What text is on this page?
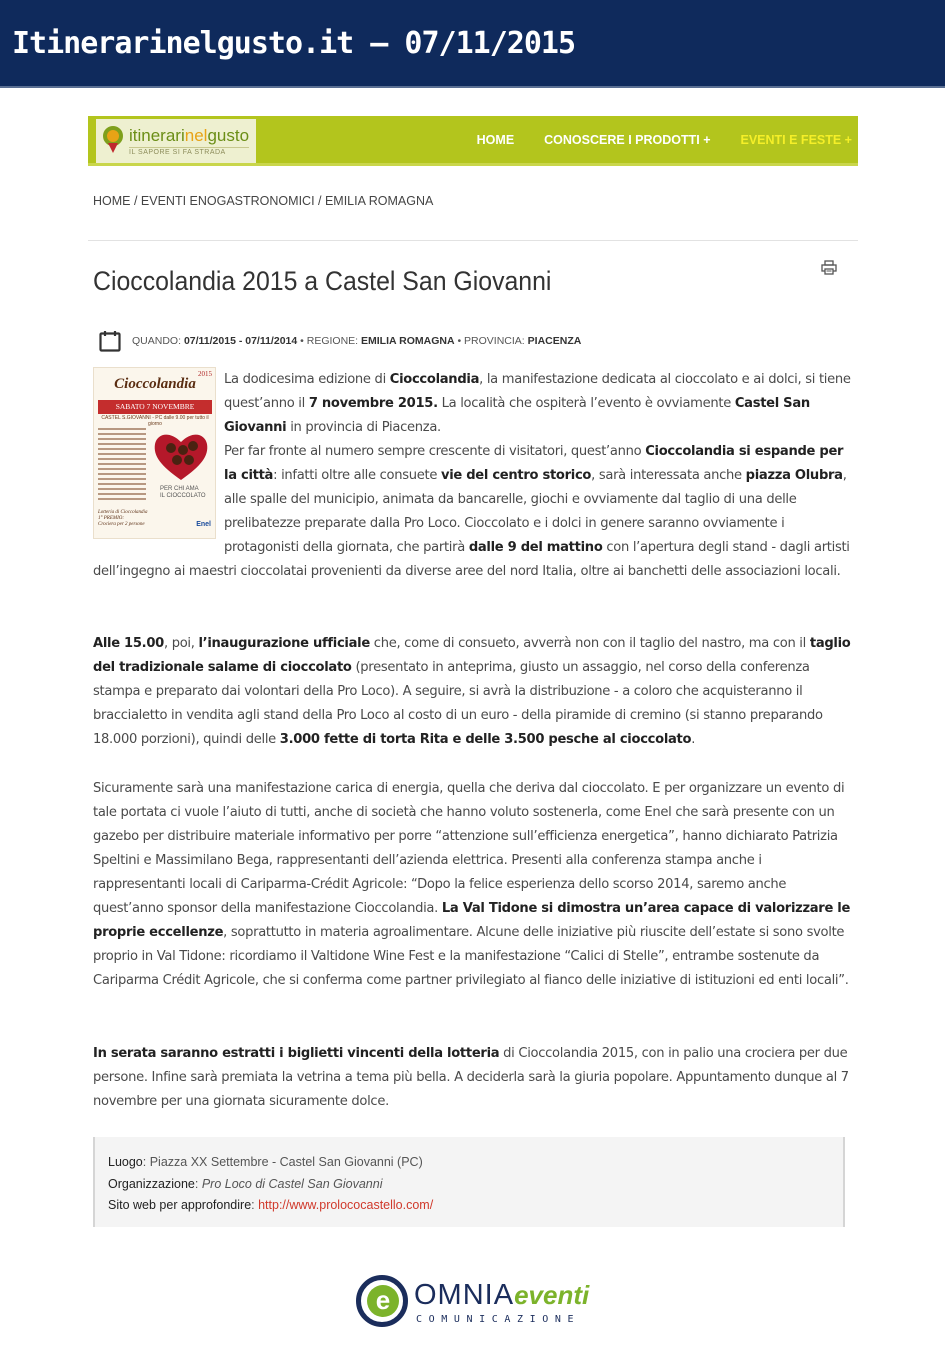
Itinerarinelgusto.it – 07/11/2015
itinerarinelgusto
IL SAPORE SI FA STRADA
HOME CONOSCERE I PRODOTTI + EVENTI E FESTE +
HOME / EVENTI ENOGASTRONOMICI / EMILIA ROMAGNA
Cioccolandia 2015 a Castel San Giovanni
QUANDO: 07/11/2015 - 07/11/2014 • REGIONE: EMILIA ROMAGNA • PROVINCIA: PIACENZA
2015
Cioccolandia
SABATO 7 NOVEMBRE
CASTEL S.GIOVANNI - PC dalle 9.00 per tutto il giorno
PER CHI AMA
IL CIOCCOLATO
Lotteria di Cioccolandia
1° PREMIO:
Crociera per 2 persone	Enel
La dodicesima edizione di Cioccolandia, la manifestazione dedicata al cioccolato e ai dolci, si tiene quest’anno il 7 novembre 2015. La località che ospiterà l’evento è ovviamente Castel San Giovanni in provincia di Piacenza.
Per far fronte al numero sempre crescente di visitatori, quest’anno Cioccolandia si espande per la città: infatti oltre alle consuete vie del centro storico, sarà interessata anche piazza Olubra, alle spalle del municipio, animata da bancarelle, giochi e ovviamente dal taglio di una delle prelibatezze preparate dalla Pro Loco. Cioccolato e i dolci in genere saranno ovviamente i protagonisti della giornata, che partirà dalle 9 del mattino con l’apertura degli stand - dagli artisti dell’ingegno ai maestri cioccolatai provenienti da diverse aree del nord Italia, oltre ai banchetti delle associazioni locali.
Alle 15.00, poi, l’inaugurazione ufficiale che, come di consueto, avverrà non con il taglio del nastro, ma con il taglio del tradizionale salame di cioccolato (presentato in anteprima, giusto un assaggio, nel corso della conferenza stampa e preparato dai volontari della Pro Loco). A seguire, si avrà la distribuzione - a coloro che acquisteranno il braccialetto in vendita agli stand della Pro Loco al costo di un euro - della piramide di cremino (si stanno preparando 18.000 porzioni), quindi delle 3.000 fette di torta Rita e delle 3.500 pesche al cioccolato.
Sicuramente sarà una manifestazione carica di energia, quella che deriva dal cioccolato. E per organizzare un evento di tale portata ci vuole l’aiuto di tutti, anche di società che hanno voluto sostenerla, come Enel che sarà presente con un gazebo per distribuire materiale informativo per porre “attenzione sull’efficienza energetica”, hanno dichiarato Patrizia Speltini e Massimilano Bega, rappresentanti dell’azienda elettrica. Presenti alla conferenza stampa anche i rappresentanti locali di Cariparma-Crédit Agricole: “Dopo la felice esperienza dello scorso 2014, saremo anche quest’anno sponsor della manifestazione Cioccolandia. La Val Tidone si dimostra un’area capace di valorizzare le proprie eccellenze, soprattutto in materia agroalimentare. Alcune delle iniziative più riuscite dell’estate si sono svolte proprio in Val Tidone: ricordiamo il Valtidone Wine Fest e la manifestazione “Calici di Stelle”, entrambe sostenute da Cariparma Crédit Agricole, che si conferma come partner privilegiato al fianco delle iniziative di istituzioni ed enti locali”.
In serata saranno estratti i biglietti vincenti della lotteria di Cioccolandia 2015, con in palio una crociera per due persone. Infine sarà premiata la vetrina a tema più bella. A deciderla sarà la giuria popolare. Appuntamento dunque al 7 novembre per una giornata sicuramente dolce.
Luogo: Piazza XX Settembre - Castel San Giovanni (PC)
Organizzazione: Pro Loco di Castel San Giovanni
Sito web per approfondire: http://www.prolococastello.com/
e OMNIAeventi
COMUNICAZIONE
